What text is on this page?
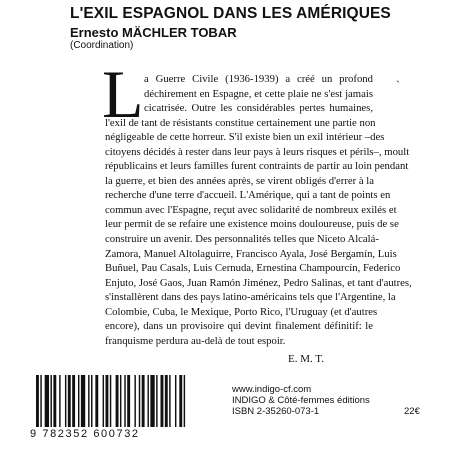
L'EXIL ESPAGNOL DANS LES AMÉRIQUES
Ernesto MÄCHLER TOBAR
(Coordination)
L	`
a Guerre Civile (1936-1939) a créé un profond
déchirement en Espagne, et cette plaie ne s'est jamais
cicatrisée. Outre les considérables pertes humaines,
l'exil de tant de résistants constitue certainement une partie non
négligeable de cette horreur. S'il existe bien un exil intérieur –des
citoyens décidés à rester dans leur pays à leurs risques et périls–, moult
républicains et leurs familles furent contraints de partir au loin pendant
la guerre, et bien des années après, se virent obligés d'errer à la
recherche d'une terre d'accueil. L'Amérique, qui a tant de points en
commun avec l'Espagne, reçut avec solidarité de nombreux exilés et
leur permit de se refaire une existence moins douloureuse, puis de se
construire un avenir. Des personnalités telles que Niceto Alcalá-
Zamora, Manuel Altolaguirre, Francisco Ayala, José Bergamín, Luis
Buñuel, Pau Casals, Luis Cernuda, Ernestina Champourcín, Federico
Enjuto, José Gaos, Juan Ramón Jiménez, Pedro Salinas, et tant d'autres,
s'installèrent dans des pays latino-américains tels que l'Argentine, la
Colombie, Cuba, le Mexique, Porto Rico, l'Uruguay (et d'autres
encore), dans un provisoire qui devint finalement définitif: le
franquisme perdura au-delà de tout espoir.
E. M. T.
9 782352 600732
www.indigo-cf.com
INDIGO & Côté-femmes éditions
ISBN 2-35260-073-1	22€
